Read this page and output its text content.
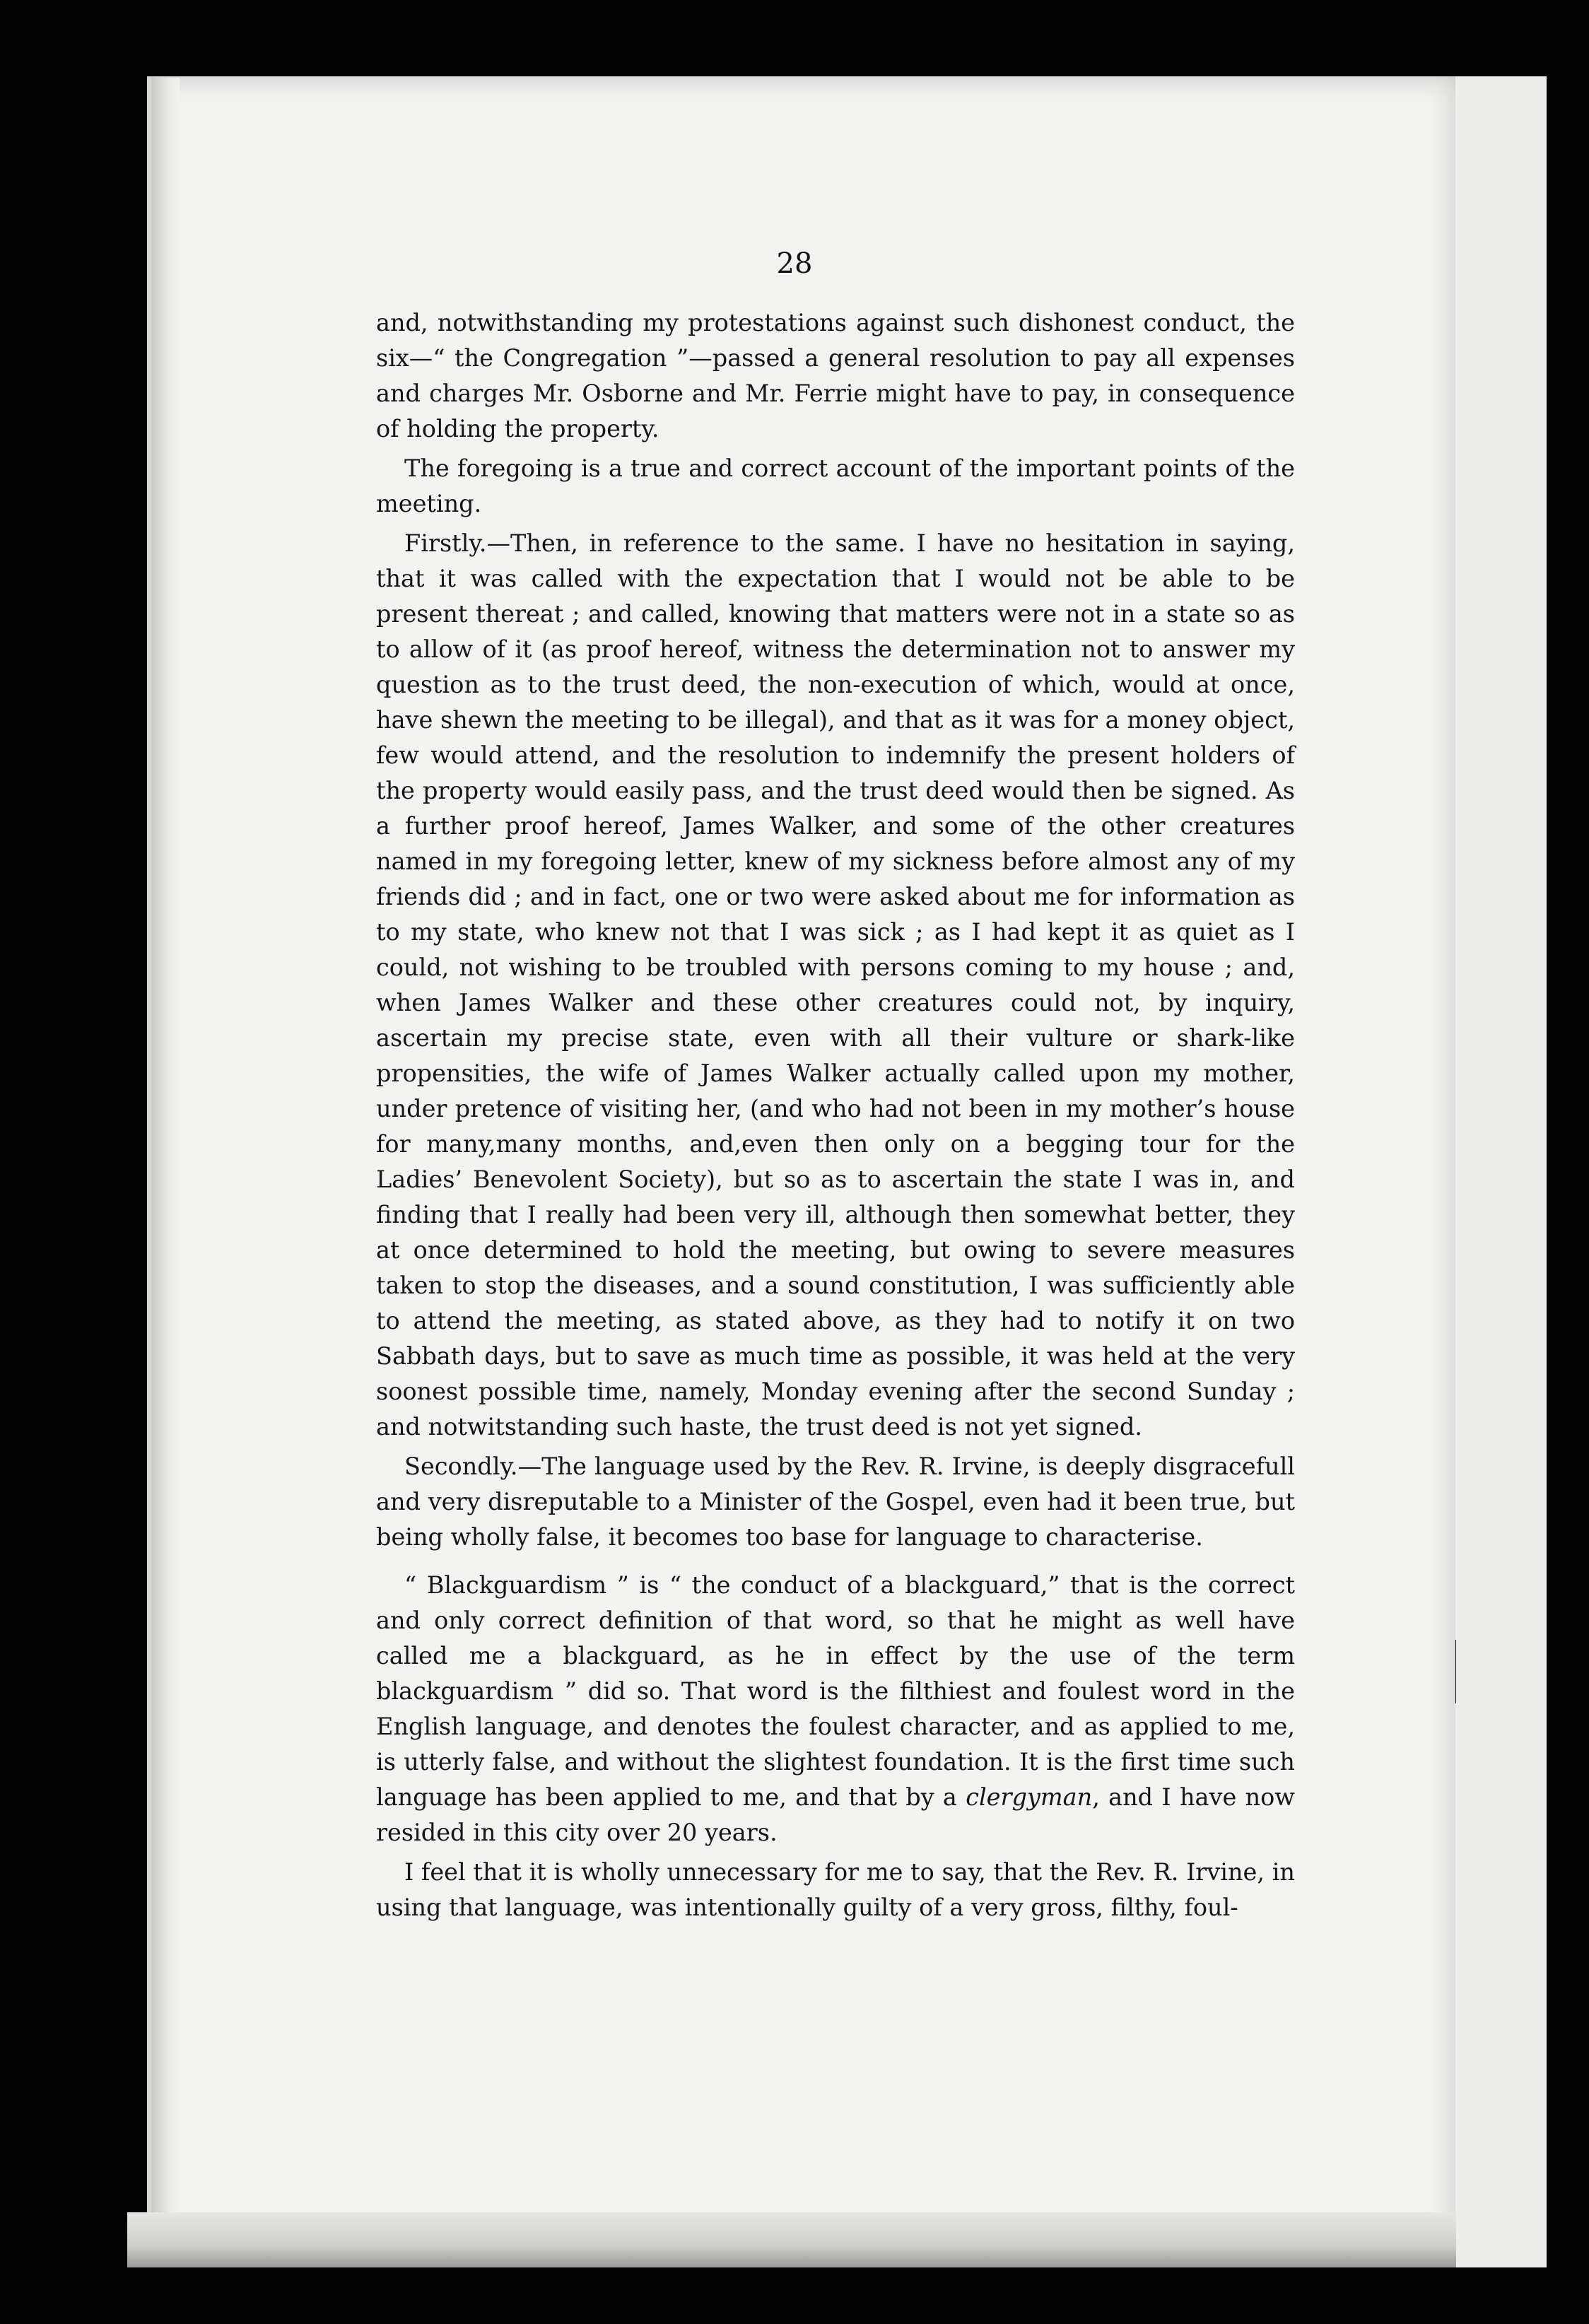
28

and, notwithstanding my protestations against such dishonest conduct, the six—“ the Congregation ”—passed a general resolution to pay all expenses and charges Mr. Osborne and Mr. Ferrie might have to pay, in consequence of holding the property.

The foregoing is a true and correct account of the important points of the meeting.

Firstly.—Then, in reference to the same. I have no hesitation in saying, that it was called with the expectation that I would not be able to be present thereat ; and called, knowing that matters were not in a state so as to allow of it (as proof hereof, witness the determination not to answer my question as to the trust deed, the non-execution of which, would at once, have shewn the meeting to be illegal), and that as it was for a money object, few would attend, and the resolution to indemnify the present holders of the property would easily pass, and the trust deed would then be signed. As a further proof hereof, James Walker, and some of the other creatures named in my foregoing letter, knew of my sickness before almost any of my friends did ; and in fact, one or two were asked about me for information as to my state, who knew not that I was sick ; as I had kept it as quiet as I could, not wishing to be troubled with persons coming to my house ; and, when James Walker and these other creatures could not, by inquiry, ascertain my precise state, even with all their vulture or shark-like propensities, the wife of James Walker actually called upon my mother, under pretence of visiting her, (and who had not been in my mother’s house for many,many months, and,even then only on a begging tour for the Ladies’ Benevolent Society), but so as to ascertain the state I was in, and finding that I really had been very ill, although then somewhat better, they at once determined to hold the meeting, but owing to severe measures taken to stop the diseases, and a sound constitution, I was sufficiently able to attend the meeting, as stated above, as they had to notify it on two Sabbath days, but to save as much time as possible, it was held at the very soonest possible time, namely, Monday evening after the second Sunday ; and notwitstanding such haste, the trust deed is not yet signed.

Secondly.—The language used by the Rev. R. Irvine, is deeply disgracefull and very disreputable to a Minister of the Gospel, even had it been true, but being wholly false, it becomes too base for language to characterise.

“ Blackguardism ” is “ the conduct of a blackguard,” that is the correct and only correct definition of that word, so that he might as well have called me a blackguard, as he in effect by the use of the term blackguardism ” did so. That word is the filthiest and foulest word in the English language, and denotes the foulest character, and as applied to me, is utterly false, and without the slightest foundation. It is the first time such language has been applied to me, and that by a clergyman, and I have now resided in this city over 20 years.

I feel that it is wholly unnecessary for me to say, that the Rev. R. Irvine, in using that language, was intentionally guilty of a very gross, filthy, foul-
